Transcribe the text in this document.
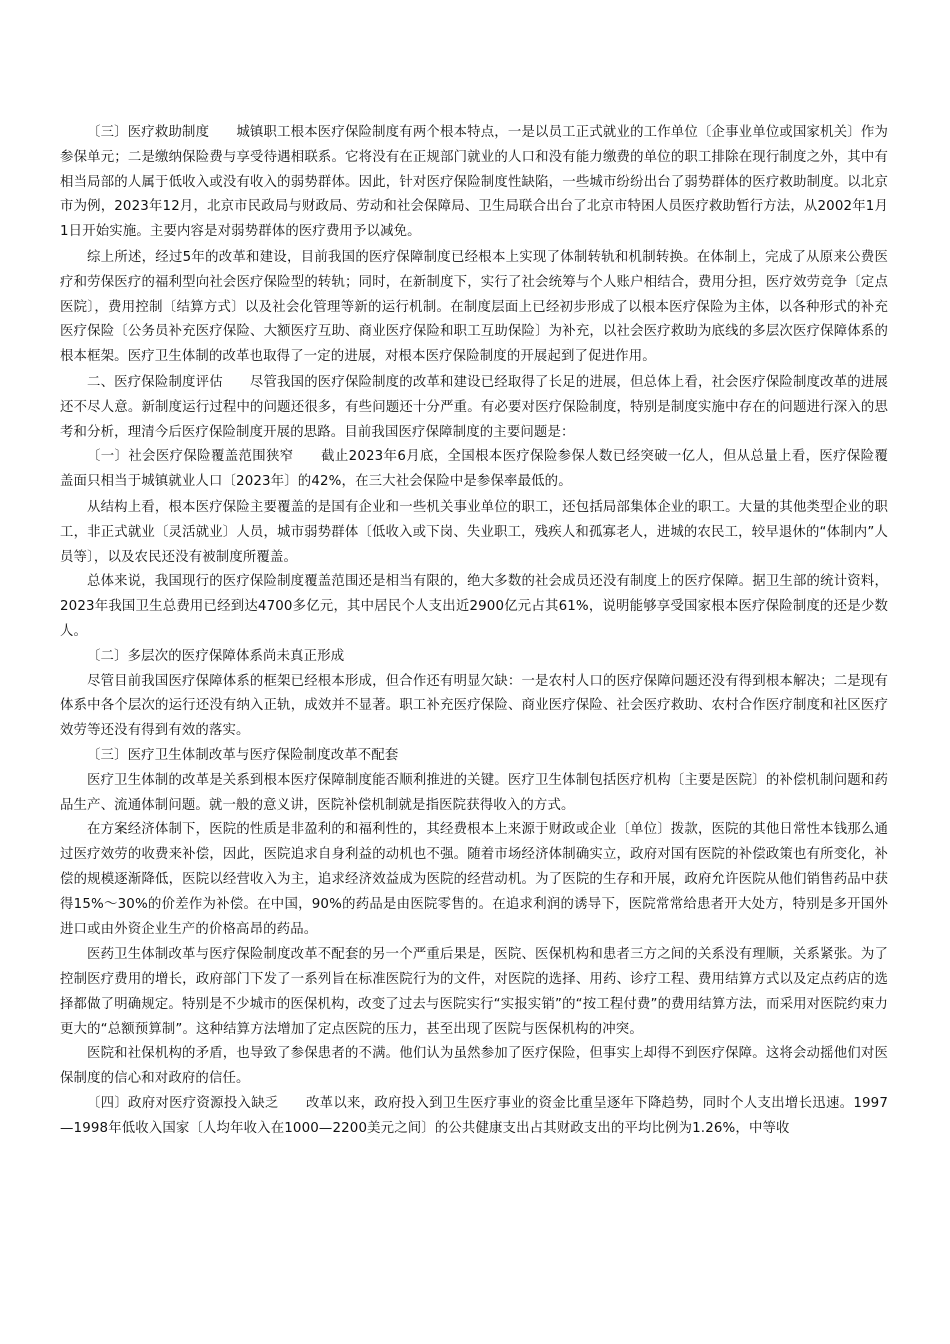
〔三〕医疗救助制度　　城镇职工根本医疗保险制度有两个根本特点，一是以员工正式就业的工作单位〔企事业单位或国家机关〕作为参保单元；二是缴纳保险费与享受待遇相联系。它将没有在正规部门就业的人口和没有能力缴费的单位的职工排除在现行制度之外，其中有相当局部的人属于低收入或没有收入的弱势群体。因此，针对医疗保险制度性缺陷，一些城市纷纷出台了弱势群体的医疗救助制度。以北京市为例，2023年12月，北京市民政局与财政局、劳动和社会保障局、卫生局联合出台了北京市特困人员医疗救助暂行方法，从2002年1月1日开始实施。主要内容是对弱势群体的医疗费用予以减免。

综上所述，经过5年的改革和建设，目前我国的医疗保障制度已经根本上实现了体制转轨和机制转换。在体制上，完成了从原来公费医疗和劳保医疗的福利型向社会医疗保险型的转轨；同时，在新制度下，实行了社会统筹与个人账户相结合，费用分担，医疗效劳竞争〔定点医院〕，费用控制〔结算方式〕以及社会化管理等新的运行机制。在制度层面上已经初步形成了以根本医疗保险为主体，以各种形式的补充医疗保险〔公务员补充医疗保险、大额医疗互助、商业医疗保险和职工互助保险〕为补充，以社会医疗救助为底线的多层次医疗保障体系的根本框架。医疗卫生体制的改革也取得了一定的进展，对根本医疗保险制度的开展起到了促进作用。

二、医疗保险制度评估　　尽管我国的医疗保险制度的改革和建设已经取得了长足的进展，但总体上看，社会医疗保险制度改革的进展还不尽人意。新制度运行过程中的问题还很多，有些问题还十分严重。有必要对医疗保险制度，特别是制度实施中存在的问题进行深入的思考和分析，理清今后医疗保险制度开展的思路。目前我国医疗保障制度的主要问题是：

〔一〕社会医疗保险覆盖范围狭窄　　截止2023年6月底，全国根本医疗保险参保人数已经突破一亿人，但从总量上看，医疗保险覆盖面只相当于城镇就业人口〔2023年〕的42%，在三大社会保险中是参保率最低的。

从结构上看，根本医疗保险主要覆盖的是国有企业和一些机关事业单位的职工，还包括局部集体企业的职工。大量的其他类型企业的职工，非正式就业〔灵活就业〕人员，城市弱势群体〔低收入或下岗、失业职工，残疾人和孤寡老人，进城的农民工，较早退休的“体制内”人员等〕，以及农民还没有被制度所覆盖。

总体来说，我国现行的医疗保险制度覆盖范围还是相当有限的，绝大多数的社会成员还没有制度上的医疗保障。据卫生部的统计资料，2023年我国卫生总费用已经到达4700多亿元，其中居民个人支出近2900亿元占其61%，说明能够享受国家根本医疗保险制度的还是少数人。

〔二〕多层次的医疗保障体系尚未真正形成

尽管目前我国医疗保障体系的框架已经根本形成，但合作还有明显欠缺：一是农村人口的医疗保障问题还没有得到根本解决；二是现有体系中各个层次的运行还没有纳入正轨，成效并不显著。职工补充医疗保险、商业医疗保险、社会医疗救助、农村合作医疗制度和社区医疗效劳等还没有得到有效的落实。

〔三〕医疗卫生体制改革与医疗保险制度改革不配套

医疗卫生体制的改革是关系到根本医疗保障制度能否顺利推进的关键。医疗卫生体制包括医疗机构〔主要是医院〕的补偿机制问题和药品生产、流通体制问题。就一般的意义讲，医院补偿机制就是指医院获得收入的方式。

在方案经济体制下，医院的性质是非盈利的和福利性的，其经费根本上来源于财政或企业〔单位〕拨款，医院的其他日常性本钱那么通过医疗效劳的收费来补偿，因此，医院追求自身利益的动机也不强。随着市场经济体制确实立，政府对国有医院的补偿政策也有所变化，补偿的规模逐渐降低，医院以经营收入为主，追求经济效益成为医院的经营动机。为了医院的生存和开展，政府允许医院从他们销售药品中获得15%～30%的价差作为补偿。在中国，90%的药品是由医院零售的。在追求利润的诱导下，医院常常给患者开大处方，特别是多开国外进口或由外资企业生产的价格高昂的药品。

医药卫生体制改革与医疗保险制度改革不配套的另一个严重后果是，医院、医保机构和患者三方之间的关系没有理顺，关系紧张。为了控制医疗费用的增长，政府部门下发了一系列旨在标准医院行为的文件，对医院的选择、用药、诊疗工程、费用结算方式以及定点药店的选择都做了明确规定。特别是不少城市的医保机构，改变了过去与医院实行“实报实销”的“按工程付费”的费用结算方法，而采用对医院约束力更大的“总额预算制”。这种结算方法增加了定点医院的压力，甚至出现了医院与医保机构的冲突。

医院和社保机构的矛盾，也导致了参保患者的不满。他们认为虽然参加了医疗保险，但事实上却得不到医疗保障。这将会动摇他们对医保制度的信心和对政府的信任。

〔四〕政府对医疗资源投入缺乏　　改革以来，政府投入到卫生医疗事业的资金比重呈逐年下降趋势，同时个人支出增长迅速。1997—1998年低收入国家〔人均年收入在1000—2200美元之间〕的公共健康支出占其财政支出的平均比例为1.26%，中等收
